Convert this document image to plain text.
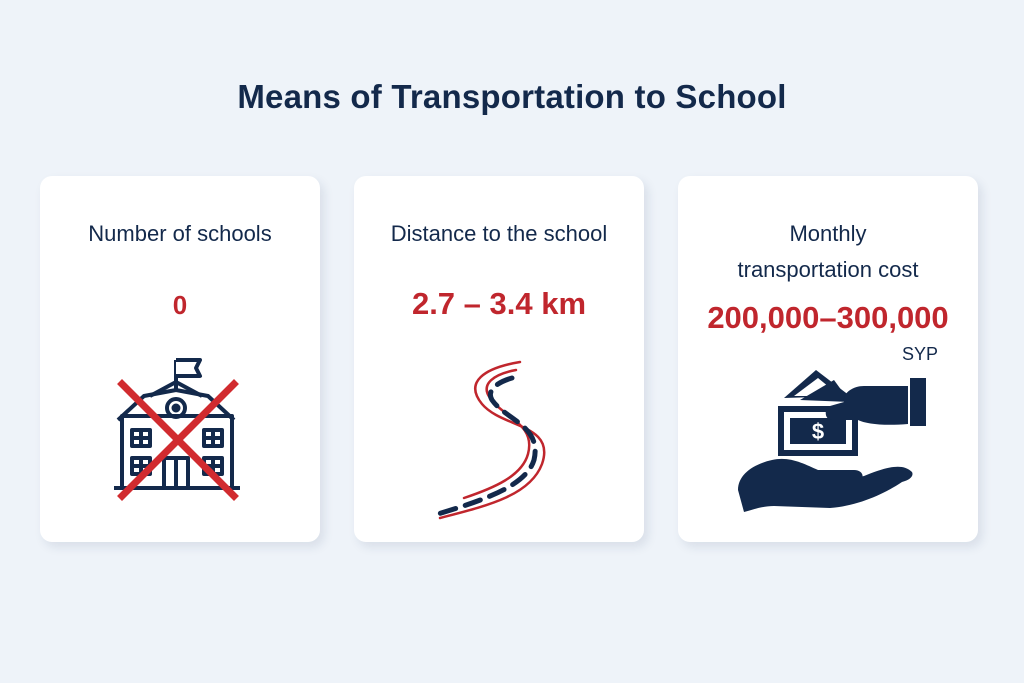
Means of Transportation to School
Number of schools
0
Distance to the school
2.7 – 3.4 km
Monthly
transportation cost
200,000–300,000
SYP
$
